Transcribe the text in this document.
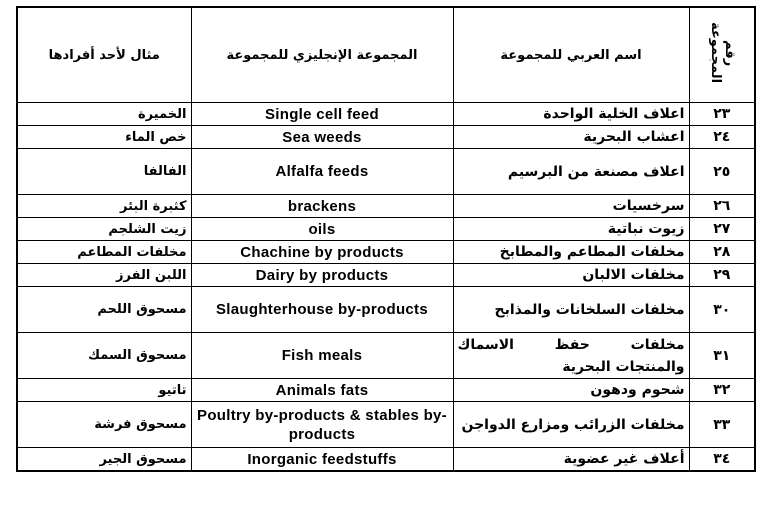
مثال لأحد أفرادها	المجموعة الإنجليزي للمجموعة	اسم العربي للمجموعة	رقم المجموعة
الخميرة	Single cell feed	اعلاف الخلية الواحدة	٢٣
خص الماء	Sea weeds	اعشاب البحرية	٢٤
الفالفا	Alfalfa feeds	اعلاف مصنعة من البرسيم	٢٥
كثبرة البئر	brackens	سرخسيات	٢٦
زيت الشلجم	oils	زيوت نباتية	٢٧
مخلفات المطاعم	Chachine by products	مخلفات المطاعم والمطابخ	٢٨
اللبن الفرز	Dairy by products	مخلفات الالبان	٢٩
مسحوق اللحم	Slaughterhouse by-products	مخلفات السلخانات والمذابح	٣٠
مسحوق السمك	Fish meals	مخلفات حفظ الاسماك والمنتجات البحرية	٣١
تاتيو	Animals fats	شحوم ودهون	٣٢
مسحوق فرشة	Poultry by-products & stables by-products	مخلفات الزرائب ومزارع الدواجن	٣٣
مسحوق الجير	Inorganic feedstuffs	أعلاف غير عضوية	٣٤
